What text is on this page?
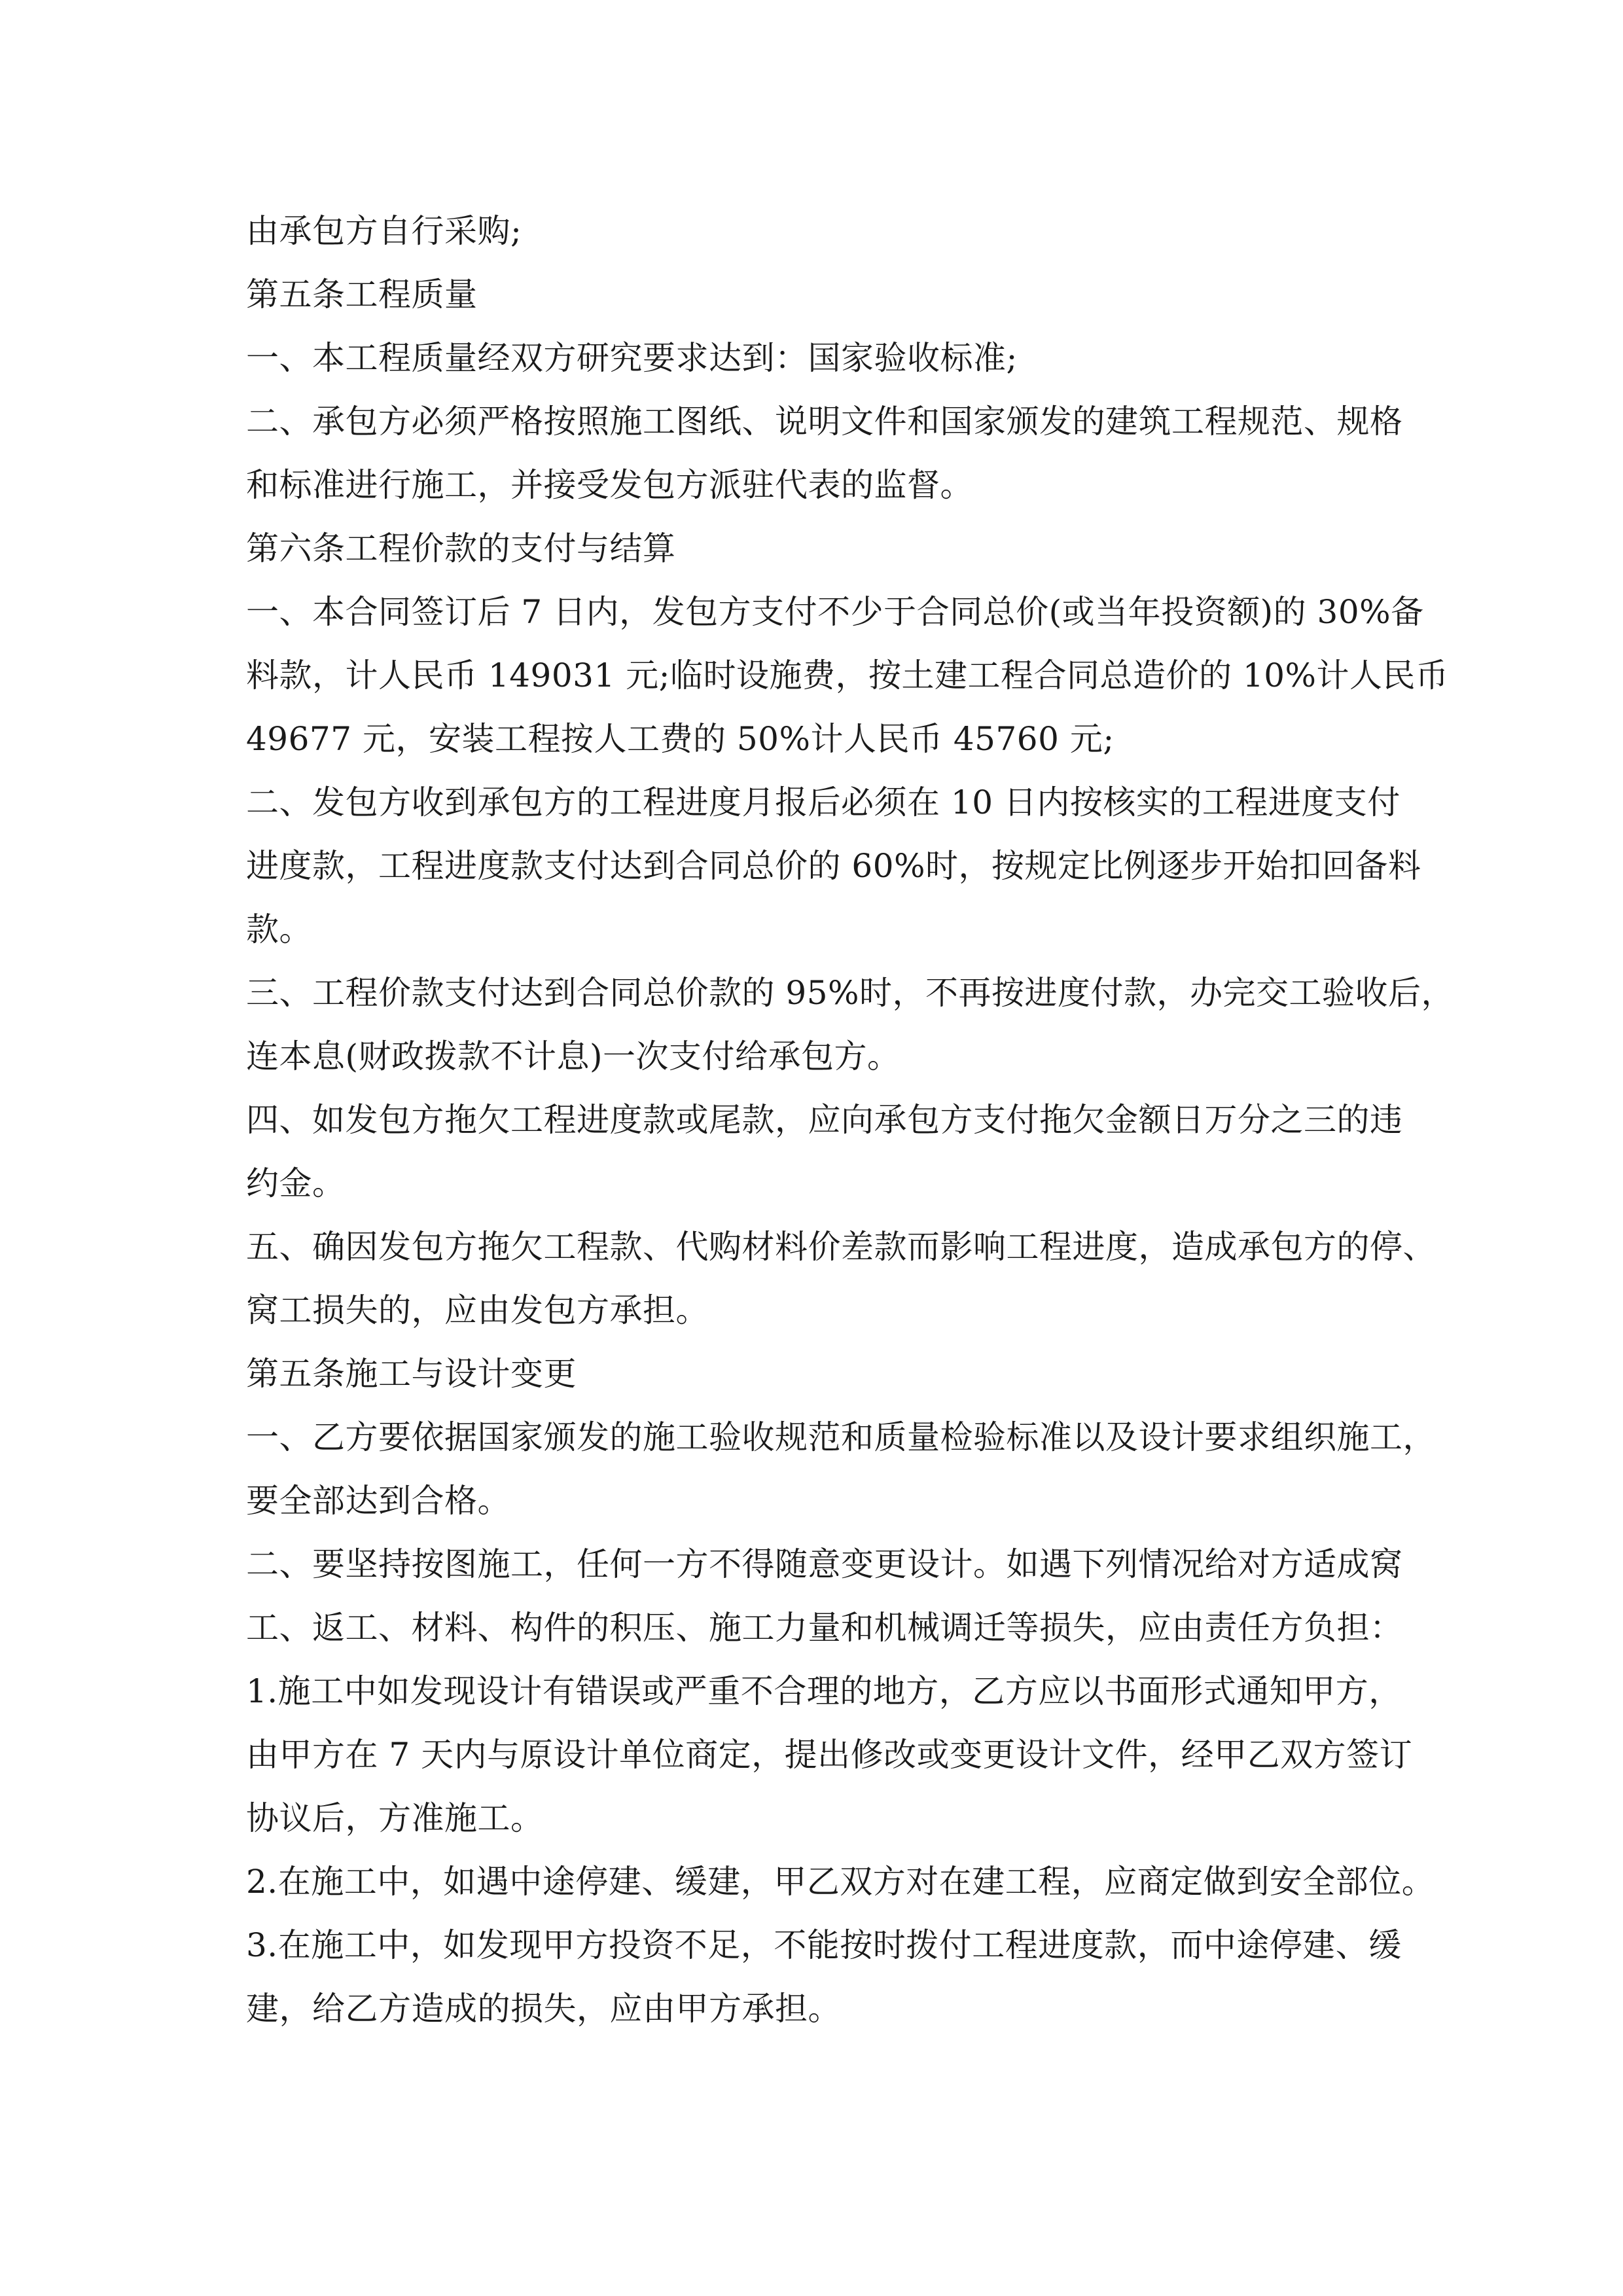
由承包方自行采购;
第五条工程质量
一、本工程质量经双方研究要求达到：国家验收标准;
二、承包方必须严格按照施工图纸、说明文件和国家颁发的建筑工程规范、规格
和标准进行施工，并接受发包方派驻代表的监督。
第六条工程价款的支付与结算
一、本合同签订后 7 日内，发包方支付不少于合同总价(或当年投资额)的 30%备
料款，计人民币 149031 元;临时设施费，按土建工程合同总造价的 10%计人民币
49677 元，安装工程按人工费的 50%计人民币 45760 元;
二、发包方收到承包方的工程进度月报后必须在 10 日内按核实的工程进度支付
进度款，工程进度款支付达到合同总价的 60%时，按规定比例逐步开始扣回备料
款。
三、工程价款支付达到合同总价款的 95%时，不再按进度付款，办完交工验收后，
连本息(财政拨款不计息)一次支付给承包方。
四、如发包方拖欠工程进度款或尾款，应向承包方支付拖欠金额日万分之三的违
约金。
五、确因发包方拖欠工程款、代购材料价差款而影响工程进度，造成承包方的停、
窝工损失的，应由发包方承担。
第五条施工与设计变更
一、乙方要依据国家颁发的施工验收规范和质量检验标准以及设计要求组织施工，
要全部达到合格。
二、要坚持按图施工，任何一方不得随意变更设计。如遇下列情况给对方适成窝
工、返工、材料、构件的积压、施工力量和机械调迁等损失，应由责任方负担：
1.施工中如发现设计有错误或严重不合理的地方，乙方应以书面形式通知甲方，
由甲方在 7 天内与原设计单位商定，提出修改或变更设计文件，经甲乙双方签订
协议后，方准施工。
2.在施工中，如遇中途停建、缓建，甲乙双方对在建工程，应商定做到安全部位。
3.在施工中，如发现甲方投资不足，不能按时拨付工程进度款，而中途停建、缓
建，给乙方造成的损失，应由甲方承担。
